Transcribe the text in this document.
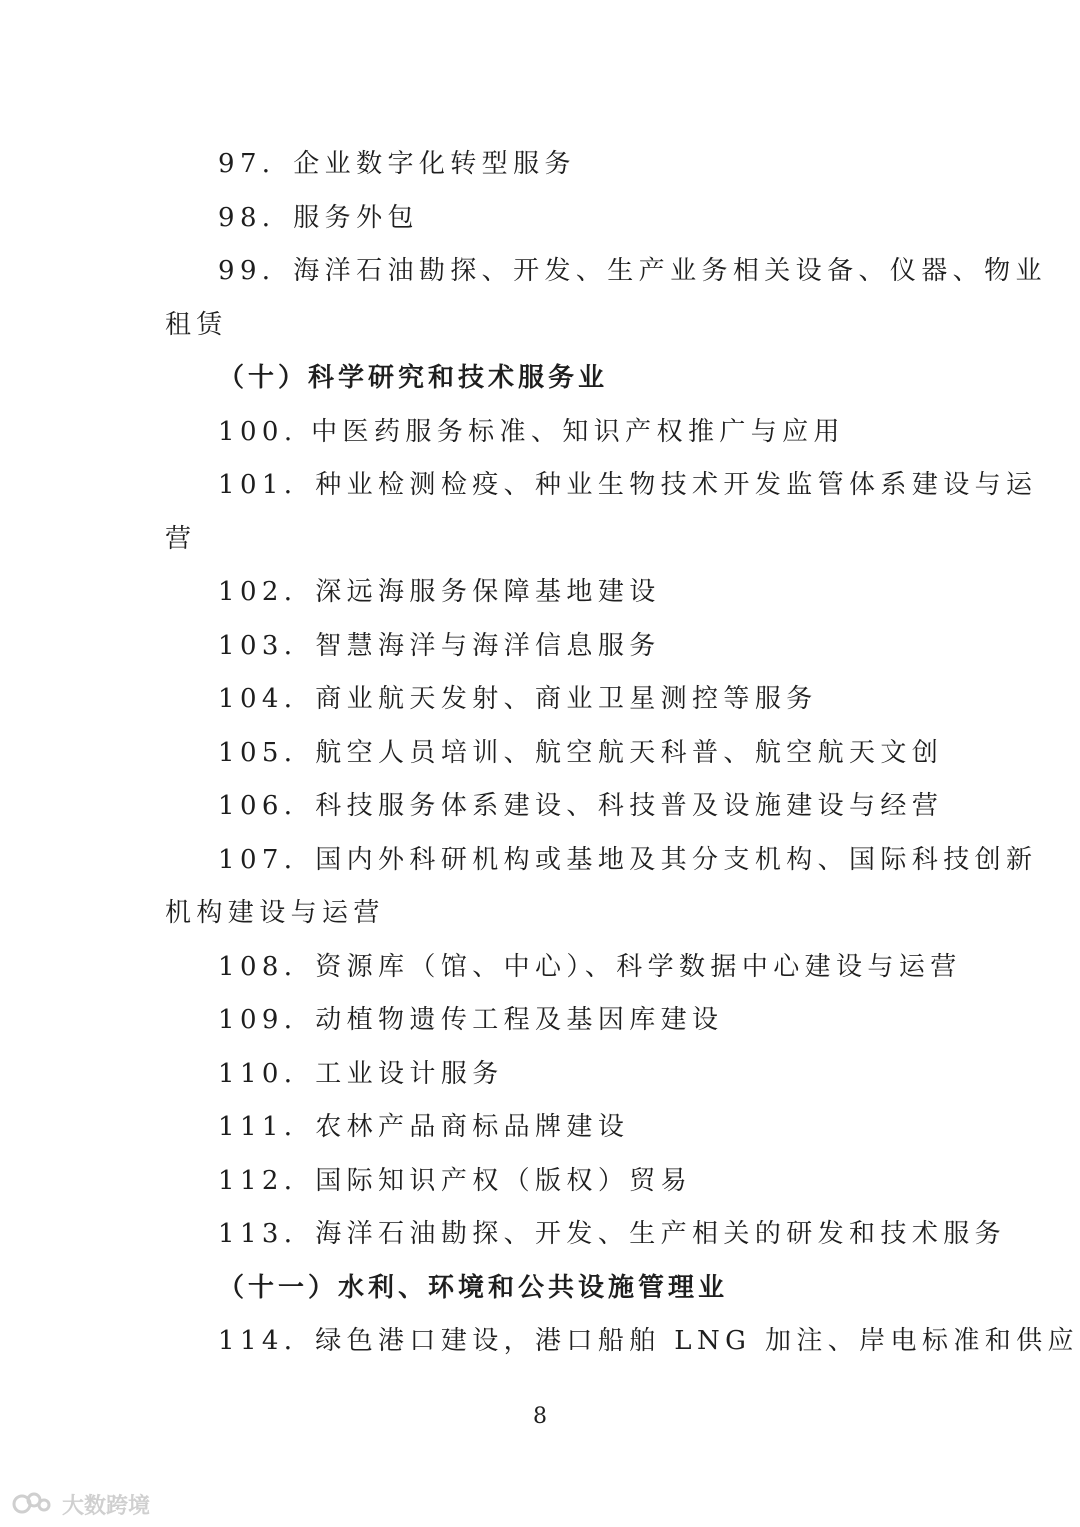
97．企业数字化转型服务
98．服务外包
99．海洋石油勘探、开发、生产业务相关设备、仪器、物业
租赁
（十）科学研究和技术服务业
100. 中医药服务标准、知识产权推广与应用
101．种业检测检疫、种业生物技术开发监管体系建设与运
营
102．深远海服务保障基地建设
103．智慧海洋与海洋信息服务
104．商业航天发射、商业卫星测控等服务
105．航空人员培训、航空航天科普、航空航天文创
106．科技服务体系建设、科技普及设施建设与经营
107．国内外科研机构或基地及其分支机构、国际科技创新
机构建设与运营
108．资源库（馆、中心）、科学数据中心建设与运营
109．动植物遗传工程及基因库建设
110．工业设计服务
111．农林产品商标品牌建设
112．国际知识产权（版权）贸易
113．海洋石油勘探、开发、生产相关的研发和技术服务
（十一）水利、环境和公共设施管理业
114．绿色港口建设，港口船舶 LNG 加注、岸电标准和供应
8
大数跨境
